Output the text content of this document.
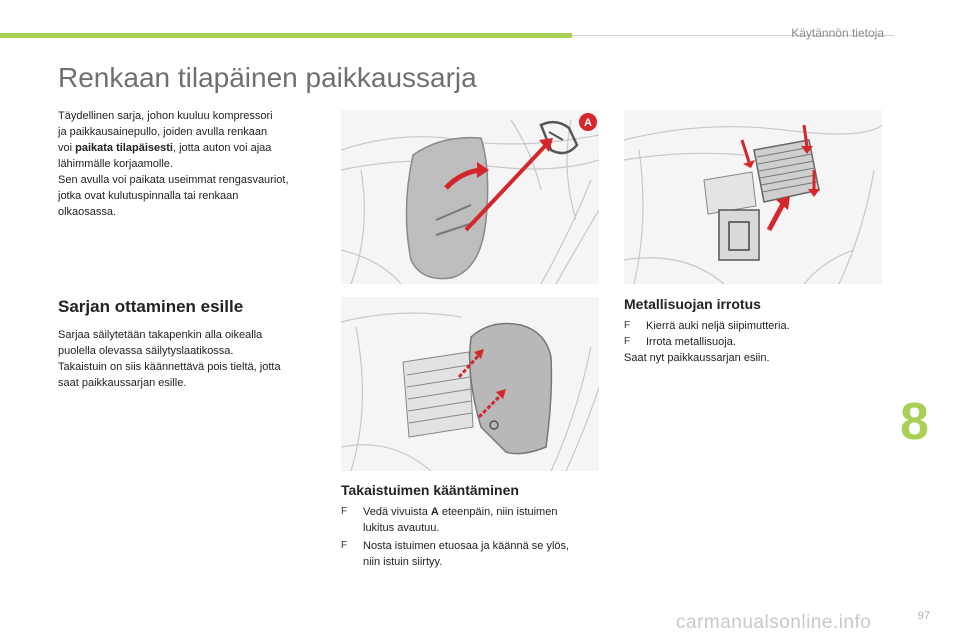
Käytännön tietoja
Renkaan tilapäinen paikkaussarja
Täydellinen sarja, johon kuuluu kompressori
ja paikkausainepullo, joiden avulla renkaan
voi paikata tilapäisesti, jotta auton voi ajaa
lähimmälle korjaamolle.
Sen avulla voi paikata useimmat rengasvauriot,
jotka ovat kulutuspinnalla tai renkaan
olkaosassa.
Sarjan ottaminen esille
Sarjaa säilytetään takapenkin alla oikealla
puolella olevassa säilytyslaatikossa.
Takaistuin on siis käännettävä pois tieltä, jotta
saat paikkaussarjan esille.
A
Takaistuimen kääntäminen
F	Vedä vivuista A eteenpäin, niin istuimen
lukitus avautuu.
F	Nosta istuimen etuosaa ja käännä se ylös,
niin istuin siirtyy.
Metallisuojan irrotus
F	Kierrä auki neljä siipimutteria.
F	Irrota metallisuoja.
Saat nyt paikkaussarjan esiin.
8
97
carmanualsonline.info
